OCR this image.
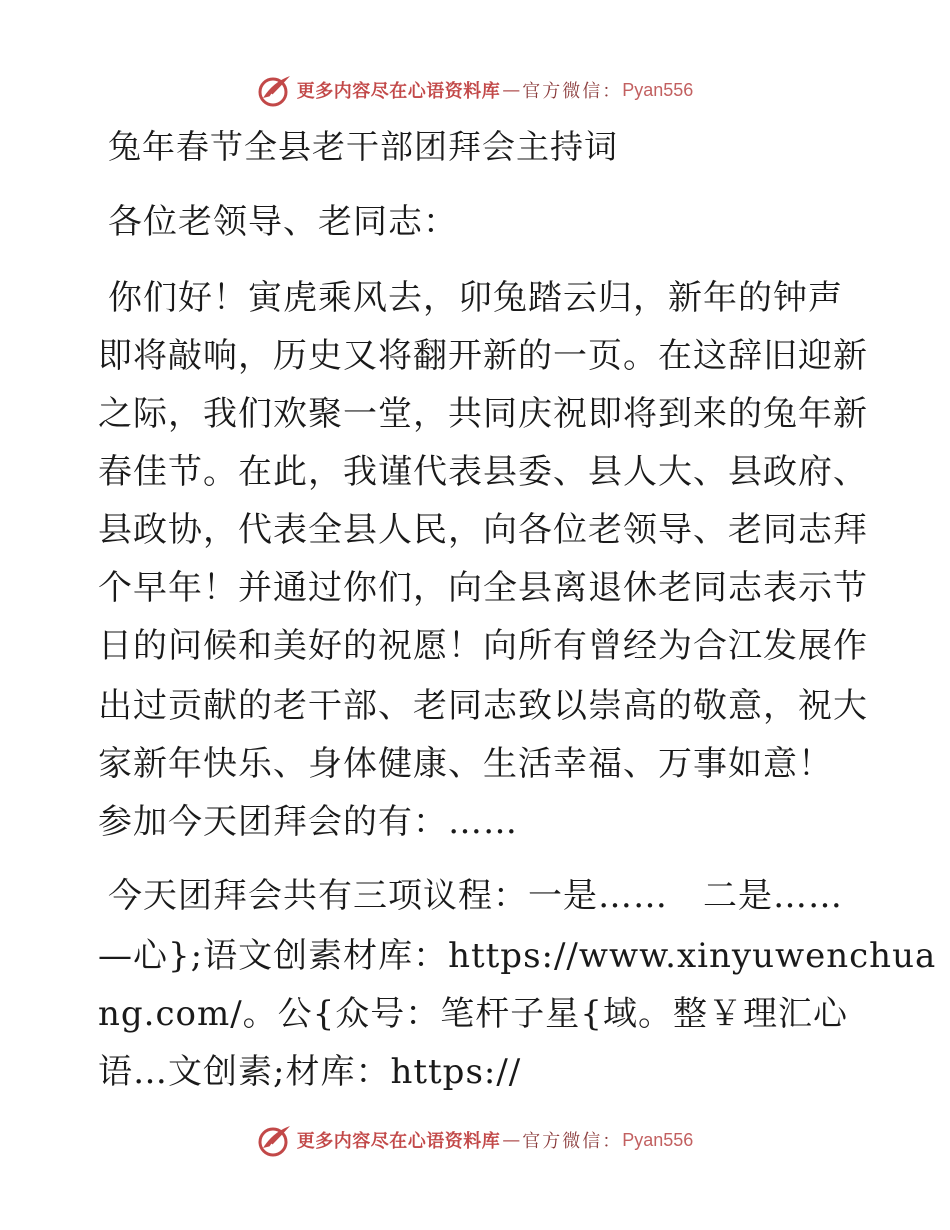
更多内容尽在心语资料库 — 官方微信： Pyan556
兔年春节全县老干部团拜会主持词
各位老领导、老同志：
你们好！寅虎乘风去，卯兔踏云归，新年的钟声
即将敲响，历史又将翻开新的一页。在这辞旧迎新
之际，我们欢聚一堂，共同庆祝即将到来的兔年新
春佳节。在此，我谨代表县委、县人大、县政府、
县政协，代表全县人民，向各位老领导、老同志拜
个早年！并通过你们，向全县离退休老同志表示节
日的问候和美好的祝愿！向所有曾经为合江发展作
出过贡献的老干部、老同志致以崇高的敬意，祝大
家新年快乐、身体健康、生活幸福、万事如意！
参加今天团拜会的有：……
今天团拜会共有三项议程：一是……　二是……
—心};语文创素材库：https://www.xinyuwenchua
ng.com/。公{众号：笔杆子星{域。整￥理汇心
语…文创素;材库：https://
更多内容尽在心语资料库 — 官方微信： Pyan556
